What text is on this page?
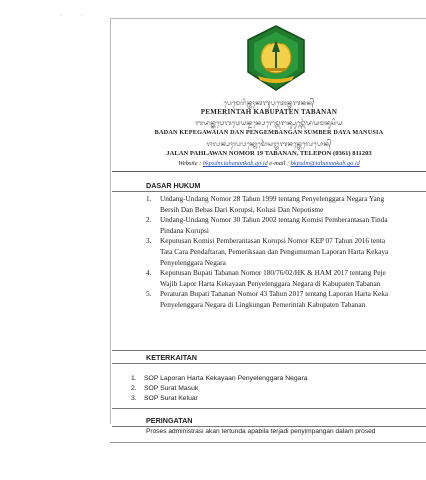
· ·
ᬧᬾᬫᬾᬭᬶᬦ᭄ᬢᬄᬓᬩᬸᬧᬢᬾᬦ᭄ᬢᬩᬦᬦ᭄
PEMERINTAH KABUPATEN TABANAN
ᬩᬤᬦ᭄ᬓᬧᬾᬕᬯᬾᬬᬦ᭄ᬤᬦ᭄ᬧᬾᬗᬾᬫ᭄ᬩᬗᬦ᭄ᬲᬸᬫ᭄ᬩᬾᬃᬤᬬᬫᬦᬸᬲᬶᬬ
BADAN KEPEGAWAIAN DAN PENGEMBANGAN SUMBER DAYA MANUSIA
ᬚᬮᬦ᭄ᬧᬄᬮᬯᬦ᭄ᬦᭀᬫᭀᬃᬲᬗ᭄ᬢᬩᬦᬦ᭄ᬢᬾᬮᬾᬧᭀᬦ᭄
JALAN PAHLAWAN NOMOR 19 TABANAN, TELEPON (0361) 811203
Website : bkpsdm.tabanankab.go.id e-mail : bkpsdm@tabanankab.go.id
DASAR HUKUM
1. Undang-Undang Nomor 28 Tahun 1999 tentang Penyelenggara Negara Yang
Bersih Dan Bebas Dari Korupsi, Kolusi Dan Nepotisme
2. Undang-Undang Nomor 30 Tahun 2002 tentang Komisi Pemberantasan Tinda
Pindana Korupsi
3. Keputusan Komisi Pemberantasan Korupsi Nomor KEP 07 Tahun 2016 tenta
Tata Cara Pendaftaran, Pemeriksaan dan Pengumuman Laporan Harta Kekaya
Penyelenggara Negara
4. Keputusan Bupati Tabanan Nomor 180/76/02/HK & HAM 2017 tentang Peje
Wajib Lapor Harta Kekayaan Penyelenggara Negara di Kabupaten Tabanan
5. Peraturan Bupati Tananan Nomor 43 Tahun 2017 tentang Laporan Harta Keka
Penyelenggara Negara di Lingkungan Pemerintah Kabupaten Tabanan
KETERKAITAN
1. SOP Laporan Harta Kekayaan Penyelenggara Negara
2. SOP Surat Masuk
3. SOP Surat Keluar
PERINGATAN
Proses administrasi akan tertunda apabila terjadi penyimpangan dalam prosed
